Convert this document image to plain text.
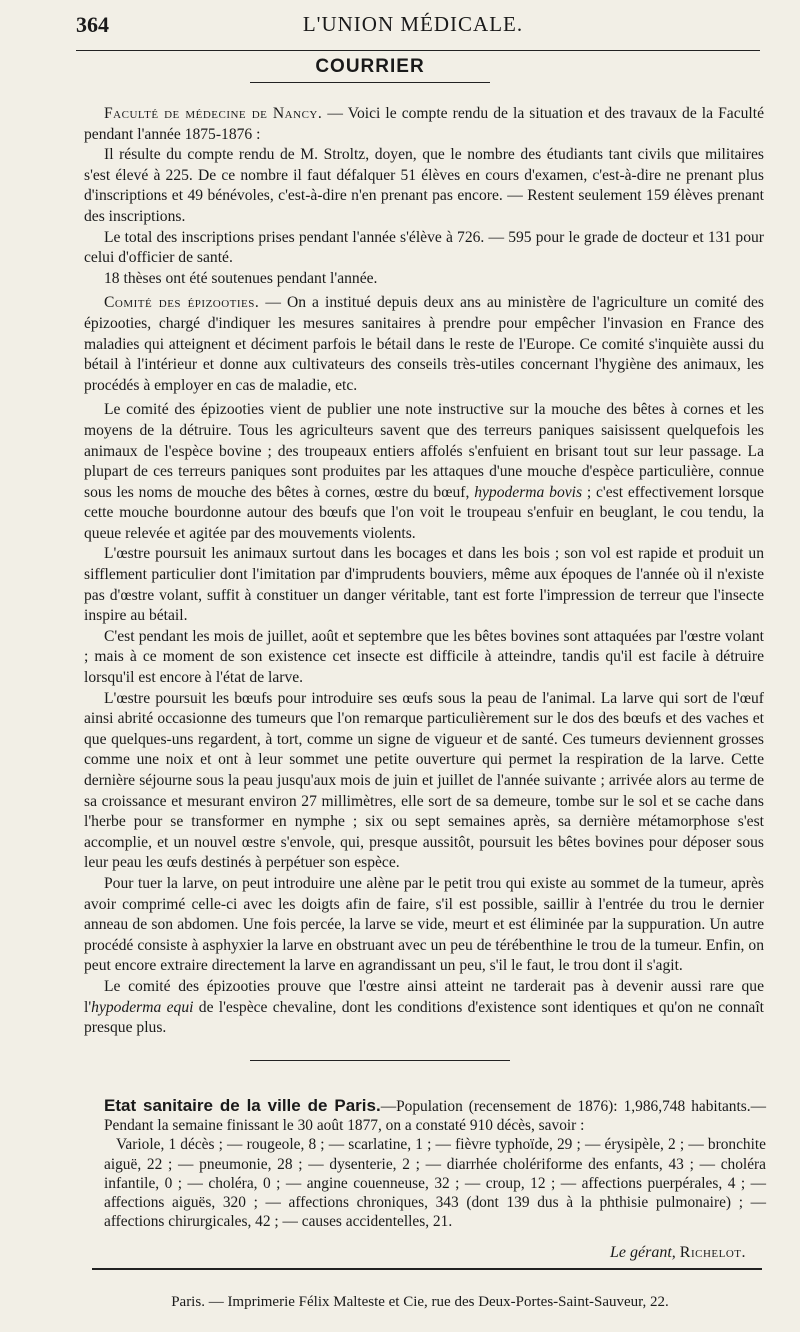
364	L'UNION MÉDICALE.
COURRIER

Faculté de médecine de Nancy. — Voici le compte rendu de la situation et des travaux de la Faculté pendant l'année 1875-1876 :

Il résulte du compte rendu de M. Stroltz, doyen, que le nombre des étudiants tant civils que militaires s'est élevé à 225. De ce nombre il faut défalquer 51 élèves en cours d'examen, c'est-à-dire ne prenant plus d'inscriptions et 49 bénévoles, c'est-à-dire n'en prenant pas encore. — Restent seulement 159 élèves prenant des inscriptions.

Le total des inscriptions prises pendant l'année s'élève à 726. — 595 pour le grade de docteur et 131 pour celui d'officier de santé.

18 thèses ont été soutenues pendant l'année.

Comité des épizooties. — On a institué depuis deux ans au ministère de l'agriculture un comité des épizooties, chargé d'indiquer les mesures sanitaires à prendre pour empêcher l'invasion en France des maladies qui atteignent et déciment parfois le bétail dans le reste de l'Europe. Ce comité s'inquiète aussi du bétail à l'intérieur et donne aux cultivateurs des conseils très-utiles concernant l'hygiène des animaux, les procédés à employer en cas de maladie, etc.

Le comité des épizooties vient de publier une note instructive sur la mouche des bêtes à cornes et les moyens de la détruire. Tous les agriculteurs savent que des terreurs paniques saisissent quelquefois les animaux de l'espèce bovine ; des troupeaux entiers affolés s'enfuient en brisant tout sur leur passage. La plupart de ces terreurs paniques sont produites par les attaques d'une mouche d'espèce particulière, connue sous les noms de mouche des bêtes à cornes, œstre du bœuf, hypoderma bovis ; c'est effectivement lorsque cette mouche bourdonne autour des bœufs que l'on voit le troupeau s'enfuir en beuglant, le cou tendu, la queue relevée et agitée par des mouvements violents.

L'œstre poursuit les animaux surtout dans les bocages et dans les bois ; son vol est rapide et produit un sifflement particulier dont l'imitation par d'imprudents bouviers, même aux époques de l'année où il n'existe pas d'œstre volant, suffit à constituer un danger véritable, tant est forte l'impression de terreur que l'insecte inspire au bétail.

C'est pendant les mois de juillet, août et septembre que les bêtes bovines sont attaquées par l'œstre volant ; mais à ce moment de son existence cet insecte est difficile à atteindre, tandis qu'il est facile à détruire lorsqu'il est encore à l'état de larve.

L'œstre poursuit les bœufs pour introduire ses œufs sous la peau de l'animal. La larve qui sort de l'œuf ainsi abrité occasionne des tumeurs que l'on remarque particulièrement sur le dos des bœufs et des vaches et que quelques-uns regardent, à tort, comme un signe de vigueur et de santé. Ces tumeurs deviennent grosses comme une noix et ont à leur sommet une petite ouverture qui permet la respiration de la larve. Cette dernière séjourne sous la peau jusqu'aux mois de juin et juillet de l'année suivante ; arrivée alors au terme de sa croissance et mesurant environ 27 millimètres, elle sort de sa demeure, tombe sur le sol et se cache dans l'herbe pour se transformer en nymphe ; six ou sept semaines après, sa dernière métamorphose s'est accomplie, et un nouvel œstre s'envole, qui, presque aussitôt, poursuit les bêtes bovines pour déposer sous leur peau les œufs destinés à perpétuer son espèce.

Pour tuer la larve, on peut introduire une alène par le petit trou qui existe au sommet de la tumeur, après avoir comprimé celle-ci avec les doigts afin de faire, s'il est possible, saillir à l'entrée du trou le dernier anneau de son abdomen. Une fois percée, la larve se vide, meurt et est éliminée par la suppuration. Un autre procédé consiste à asphyxier la larve en obstruant avec un peu de térébenthine le trou de la tumeur. Enfin, on peut encore extraire directement la larve en agrandissant un peu, s'il le faut, le trou dont il s'agit.

Le comité des épizooties prouve que l'œstre ainsi atteint ne tarderait pas à devenir aussi rare que l'hypoderma equi de l'espèce chevaline, dont les conditions d'existence sont identiques et qu'on ne connaît presque plus.

Etat sanitaire de la ville de Paris.—Population (recensement de 1876): 1,986,748 habitants.—Pendant la semaine finissant le 30 août 1877, on a constaté 910 décès, savoir :
Variole, 1 décès ; — rougeole, 8 ; — scarlatine, 1 ; — fièvre typhoïde, 29 ; — érysipèle, 2 ; — bronchite aiguë, 22 ; — pneumonie, 28 ; — dysenterie, 2 ; — diarrhée cholériforme des enfants, 43 ; — choléra infantile, 0 ; — choléra, 0 ; — angine couenneuse, 32 ; — croup, 12 ; — affections puerpérales, 4 ; — affections aiguës, 320 ; — affections chroniques, 343 (dont 139 dus à la phthisie pulmonaire) ; — affections chirurgicales, 42 ; — causes accidentelles, 21.
Le gérant, Richelot.
Paris. — Imprimerie Félix Malteste et Cie, rue des Deux-Portes-Saint-Sauveur, 22.
